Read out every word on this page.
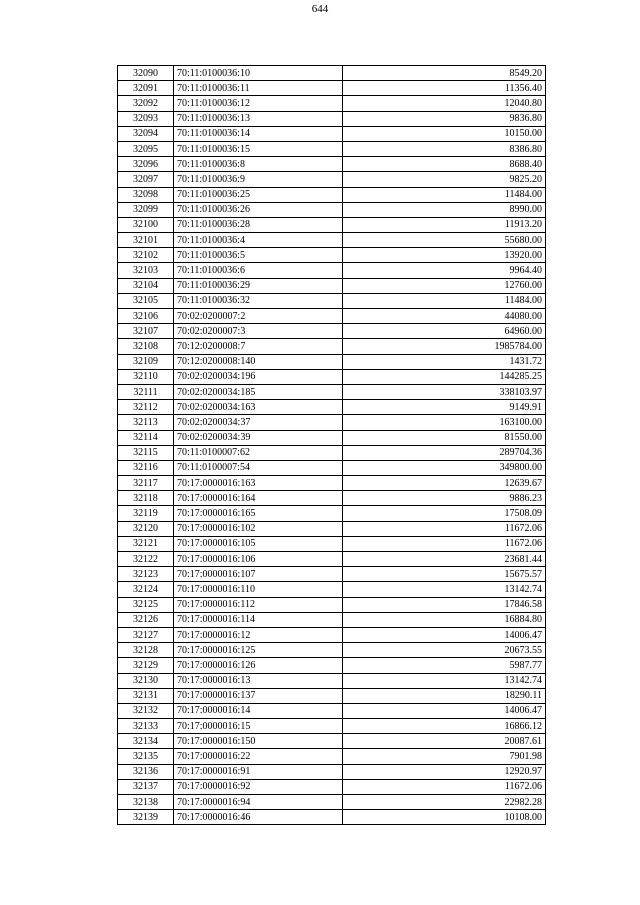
644
32090	70:11:0100036:10	8549.20
32091	70:11:0100036:11	11356.40
32092	70:11:0100036:12	12040.80
32093	70:11:0100036:13	9836.80
32094	70:11:0100036:14	10150.00
32095	70:11:0100036:15	8386.80
32096	70:11:0100036:8	8688.40
32097	70:11:0100036:9	9825.20
32098	70:11:0100036:25	11484.00
32099	70:11:0100036:26	8990.00
32100	70:11:0100036:28	11913.20
32101	70:11:0100036:4	55680.00
32102	70:11:0100036:5	13920.00
32103	70:11:0100036:6	9964.40
32104	70:11:0100036:29	12760.00
32105	70:11:0100036:32	11484.00
32106	70:02:0200007:2	44080.00
32107	70:02:0200007:3	64960.00
32108	70:12:0200008:7	1985784.00
32109	70:12:0200008:140	1431.72
32110	70:02:0200034:196	144285.25
32111	70:02:0200034:185	338103.97
32112	70:02:0200034:163	9149.91
32113	70:02:0200034:37	163100.00
32114	70:02:0200034:39	81550.00
32115	70:11:0100007:62	289704.36
32116	70:11:0100007:54	349800.00
32117	70:17:0000016:163	12639.67
32118	70:17:0000016:164	9886.23
32119	70:17:0000016:165	17508.09
32120	70:17:0000016:102	11672.06
32121	70:17:0000016:105	11672.06
32122	70:17:0000016:106	23681.44
32123	70:17:0000016:107	15675.57
32124	70:17:0000016:110	13142.74
32125	70:17:0000016:112	17846.58
32126	70:17:0000016:114	16884.80
32127	70:17:0000016:12	14006.47
32128	70:17:0000016:125	20673.55
32129	70:17:0000016:126	5987.77
32130	70:17:0000016:13	13142.74
32131	70:17:0000016:137	18290.11
32132	70:17:0000016:14	14006.47
32133	70:17:0000016:15	16866.12
32134	70:17:0000016:150	20087.61
32135	70:17:0000016:22	7901.98
32136	70:17:0000016:91	12920.97
32137	70:17:0000016:92	11672.06
32138	70:17:0000016:94	22982.28
32139	70:17:0000016:46	10108.00
